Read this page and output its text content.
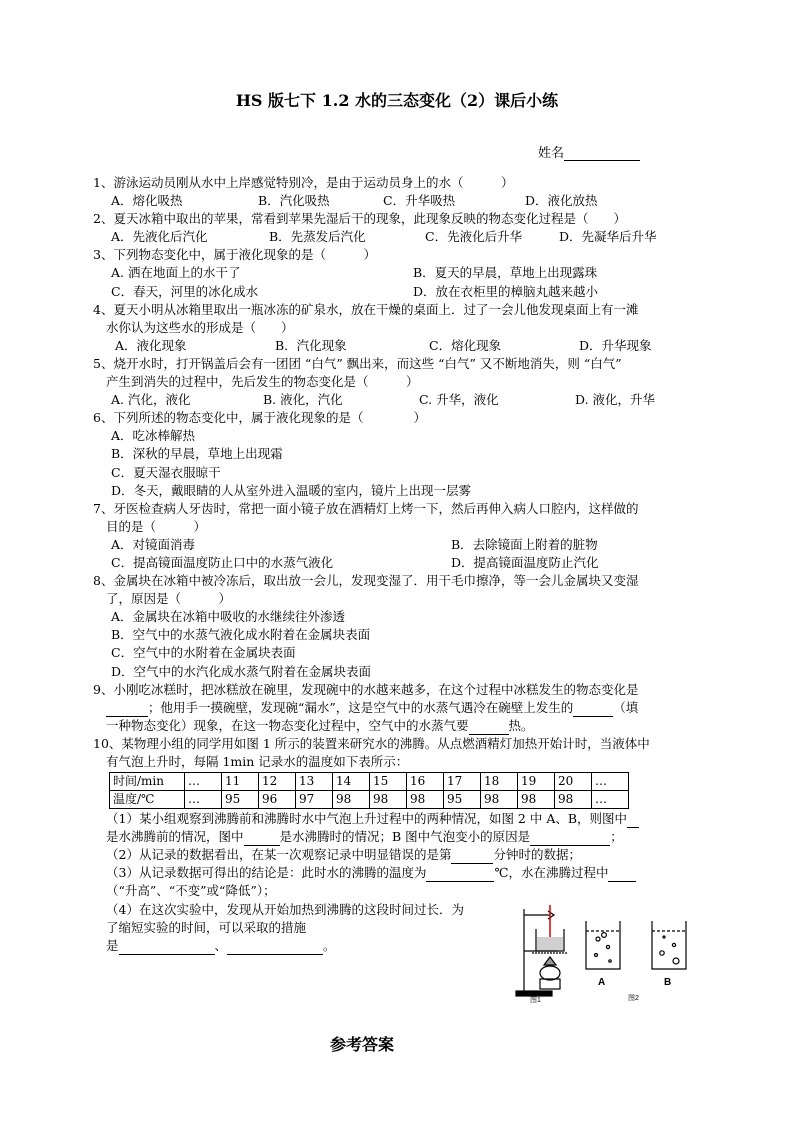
HS 版七下 1.2 水的三态变化（2）课后小练
姓名
1、游泳运动员刚从水中上岸感觉特别冷，是由于运动员身上的水（　　　）
A．熔化吸热	B．汽化吸热	C．升华吸热	D．液化放热
2、夏天冰箱中取出的苹果，常看到苹果先湿后干的现象，此现象反映的物态变化过程是（　　）
A．先液化后汽化	B．先蒸发后汽化	C．先液化后升华	D．先凝华后升华
3、下列物态变化中，属于液化现象的是（　　　）
A. 洒在地面上的水干了	B．夏天的早晨，草地上出现露珠
C．春天，河里的冰化成水	D．放在衣柜里的樟脑丸越来越小
4、夏天小明从冰箱里取出一瓶冰冻的矿泉水，放在干燥的桌面上．过了一会儿他发现桌面上有一滩
水你认为这些水的形成是（　　）
A．液化现象	B．汽化现象	C．熔化现象	D．升华现象
5、烧开水时，打开锅盖后会有一团团 “白气” 飘出来，而这些 “白气” 又不断地消失，则 “白气”
产生到消失的过程中，先后发生的物态变化是（　　　）
A. 汽化，液化	B. 液化，汽化	C. 升华，液化	D. 液化，升华
6、下列所述的物态变化中，属于液化现象的是（　　　　）
A．吃冰棒解热
B．深秋的早晨，草地上出现霜
C．夏天湿衣服晾干
D．冬天，戴眼睛的人从室外进入温暖的室内，镜片上出现一层雾
7、牙医检查病人牙齿时，常把一面小镜子放在酒精灯上烤一下，然后再伸入病人口腔内，这样做的
目的是（　　　）
A．对镜面消毒	B．去除镜面上附着的脏物
C．提高镜面温度防止口中的水蒸气液化	D．提高镜面温度防止汽化
8、金属块在冰箱中被冷冻后，取出放一会儿，发现变湿了．用干毛巾擦净，等一会儿金属块又变湿
了，原因是（　　　）
A．金属块在冰箱中吸收的水继续往外渗透
B．空气中的水蒸气液化成水附着在金属块表面
C．空气中的水附着在金属块表面
D．空气中的水汽化成水蒸气附着在金属块表面
9、小刚吃冰糕时，把冰糕放在碗里，发现碗中的水越来越多，在这个过程中冰糕发生的物态变化是
；他用手一摸碗壁，发现碗“漏水”，这是空气中的水蒸气遇冷在碗壁上发生的	（填
一种物态变化）现象，在这一物态变化过程中，空气中的水蒸气要	热。
10、某物理小组的同学用如图 1 所示的装置来研究水的沸腾。从点燃酒精灯加热开始计时，当液体中
有气泡上升时，每隔 1min 记录水的温度如下表所示：
时间/min	…	11	12	13	14	15	16	17	18	19	20	…
温度/℃	…	95	96	97	98	98	98	95	98	98	98	…
（1）某小组观察到沸腾前和沸腾时水中气泡上升过程中的两种情况，如图 2 中 A、B，则图中
是水沸腾前的情况，图中	是水沸腾时的情况；B 图中气泡变小的原因是	；
（2）从记录的数据看出，在某一次观察记录中明显错误的是第	分钟时的数据；
（3）从记录数据可得出的结论是：此时水的沸腾的温度为	℃，水在沸腾过程中
（“升高”、“不变”或“降低”）；
（4）在这次实验中，发现从开始加热到沸腾的这段时间过长．为
了缩短实验的时间，可以采取的措施
是	、	。
A	B
图1	图2
参考答案
